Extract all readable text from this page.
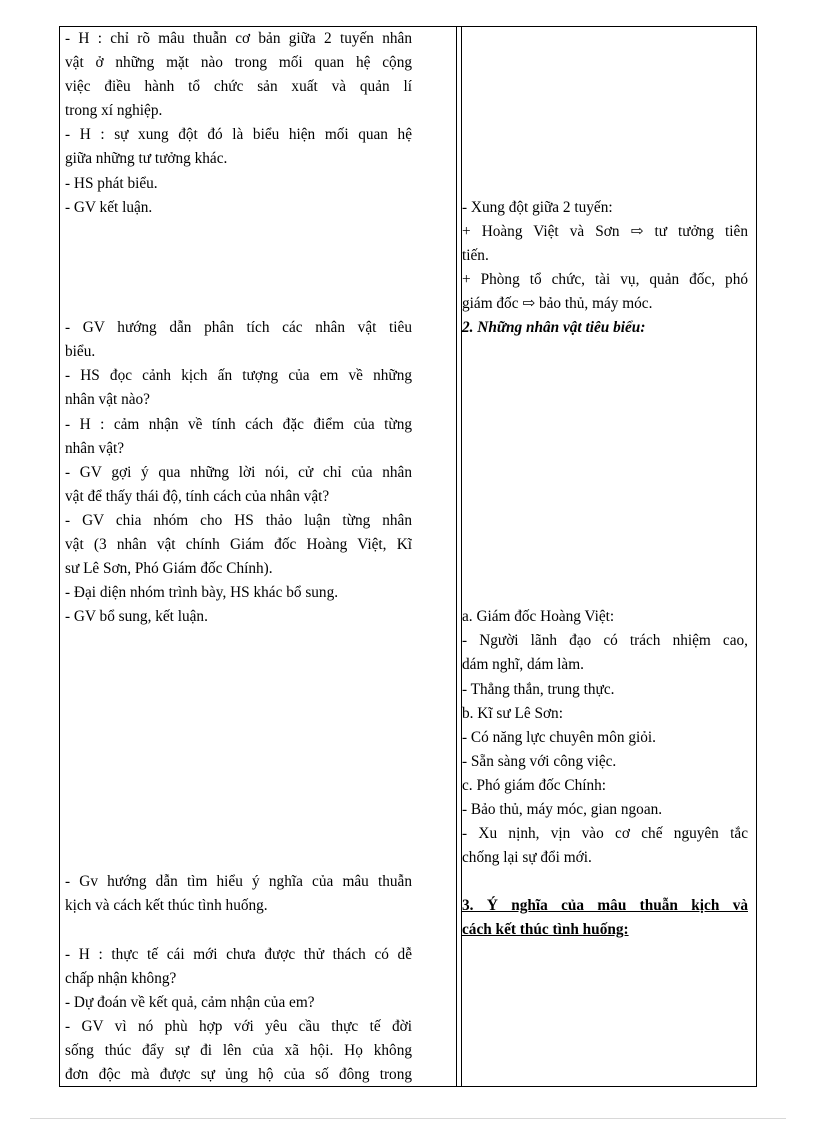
- H : chỉ rõ mâu thuẫn cơ bản giữa 2 tuyến nhân
vật ở những mặt nào trong mối quan hệ cộng
việc điều hành tổ chức sản xuất và quản lí
trong xí nghiệp.
- H : sự xung đột đó là biểu hiện mối quan hệ
giữa những tư tưởng khác.
- HS phát biểu.
- GV kết luận.

- GV hướng dẫn phân tích các nhân vật tiêu
biểu.
- HS đọc cảnh kịch ấn tượng của em về những
nhân vật nào?
- H : cảm nhận về tính cách đặc điểm của từng
nhân vật?
- GV gợi ý qua những lời nói, cử chỉ của nhân
vật để thấy thái độ, tính cách của nhân vật?
- GV chia nhóm cho HS thảo luận từng nhân
vật (3 nhân vật chính Giám đốc Hoàng Việt, Kĩ
sư Lê Sơn, Phó Giám đốc Chính).
- Đại diện nhóm trình bày, HS khác bổ sung.
- GV bổ sung, kết luận.

- Gv hướng dẫn tìm hiểu ý nghĩa của mâu thuẫn
kịch và cách kết thúc tình huống.

- H : thực tế cái mới chưa được thử thách có dễ
chấp nhận không?
- Dự đoán về kết quả, cảm nhận của em?
- GV vì nó phù hợp với yêu cầu thực tế đời
sống thúc đẩy sự đi lên của xã hội. Họ không
đơn độc mà được sự ủng hộ của số đông trong

- Xung đột giữa 2 tuyến:
+ Hoàng Việt và Sơn ⇨ tư tưởng tiên
tiến.
+ Phòng tổ chức, tài vụ, quản đốc, phó
giám đốc ⇨ bảo thủ, máy móc.
2. Những nhân vật tiêu biểu:

a. Giám đốc Hoàng Việt:
- Người lãnh đạo có trách nhiệm cao,
dám nghĩ, dám làm.
- Thẳng thắn, trung thực.
b. Kĩ sư Lê Sơn:
- Có năng lực chuyên môn giỏi.
- Sẵn sàng với công việc.
c. Phó giám đốc Chính:
- Bảo thủ, máy móc, gian ngoan.
- Xu nịnh, vịn vào cơ chế nguyên tắc
chống lại sự đổi mới.

3. Ý nghĩa của mâu thuẫn kịch và
cách kết thúc tình huống:
